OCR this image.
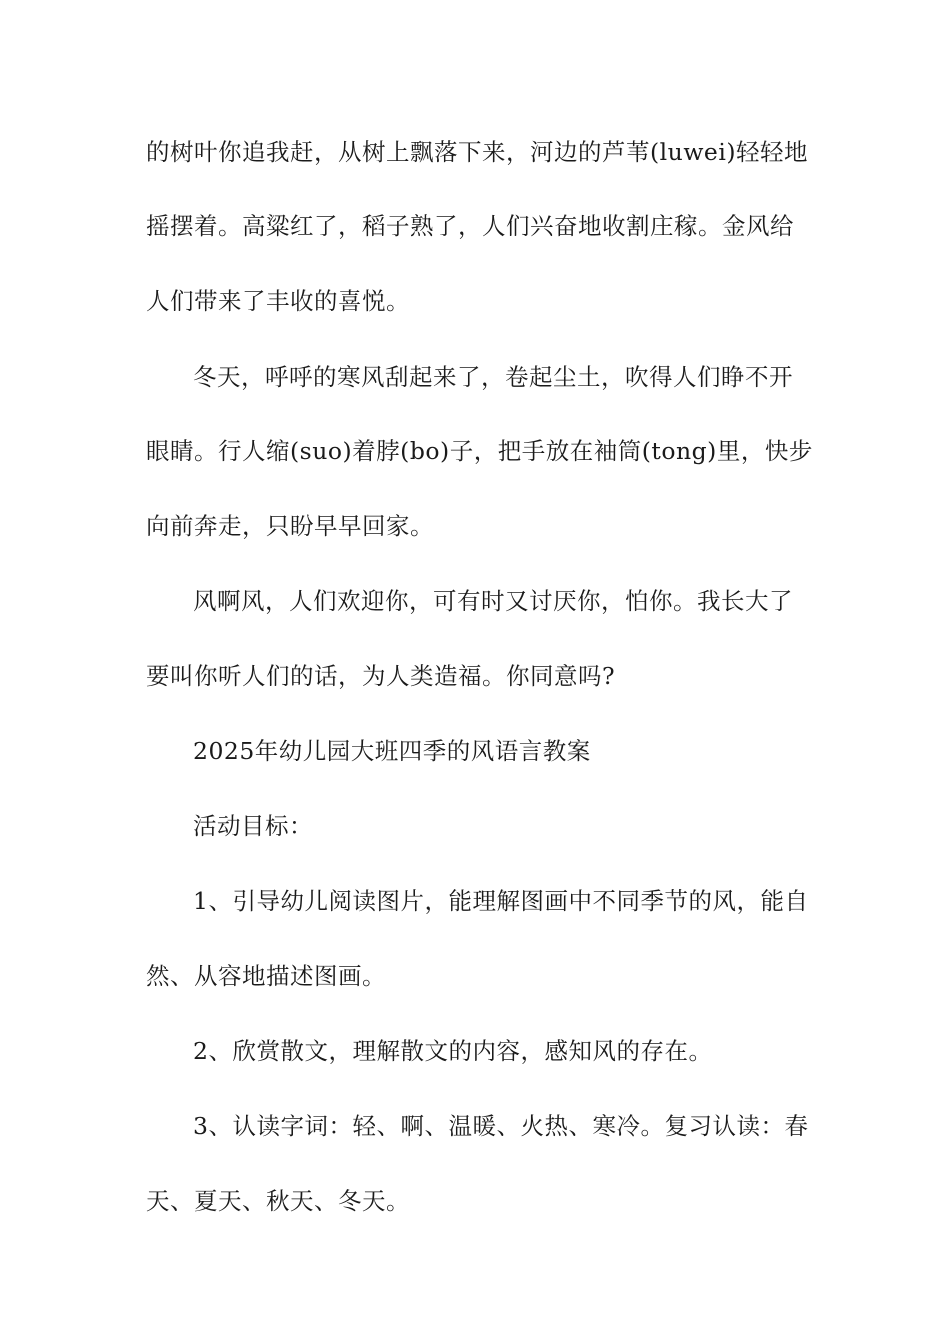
的树叶你追我赶，从树上飘落下来，河边的芦苇(luwei)轻轻地
摇摆着。高粱红了，稻子熟了，人们兴奋地收割庄稼。金风给
人们带来了丰收的喜悦。
冬天，呼呼的寒风刮起来了，卷起尘土，吹得人们睁不开
眼睛。行人缩(suo)着脖(bo)子，把手放在袖筒(tong)里，快步
向前奔走，只盼早早回家。
风啊风，人们欢迎你，可有时又讨厌你，怕你。我长大了
要叫你听人们的话，为人类造福。你同意吗?
2025年幼儿园大班四季的风语言教案
活动目标：
1、引导幼儿阅读图片，能理解图画中不同季节的风，能自
然、从容地描述图画。
2、欣赏散文，理解散文的内容，感知风的存在。
3、认读字词：轻、啊、温暖、火热、寒冷。复习认读：春
天、夏天、秋天、冬天。
